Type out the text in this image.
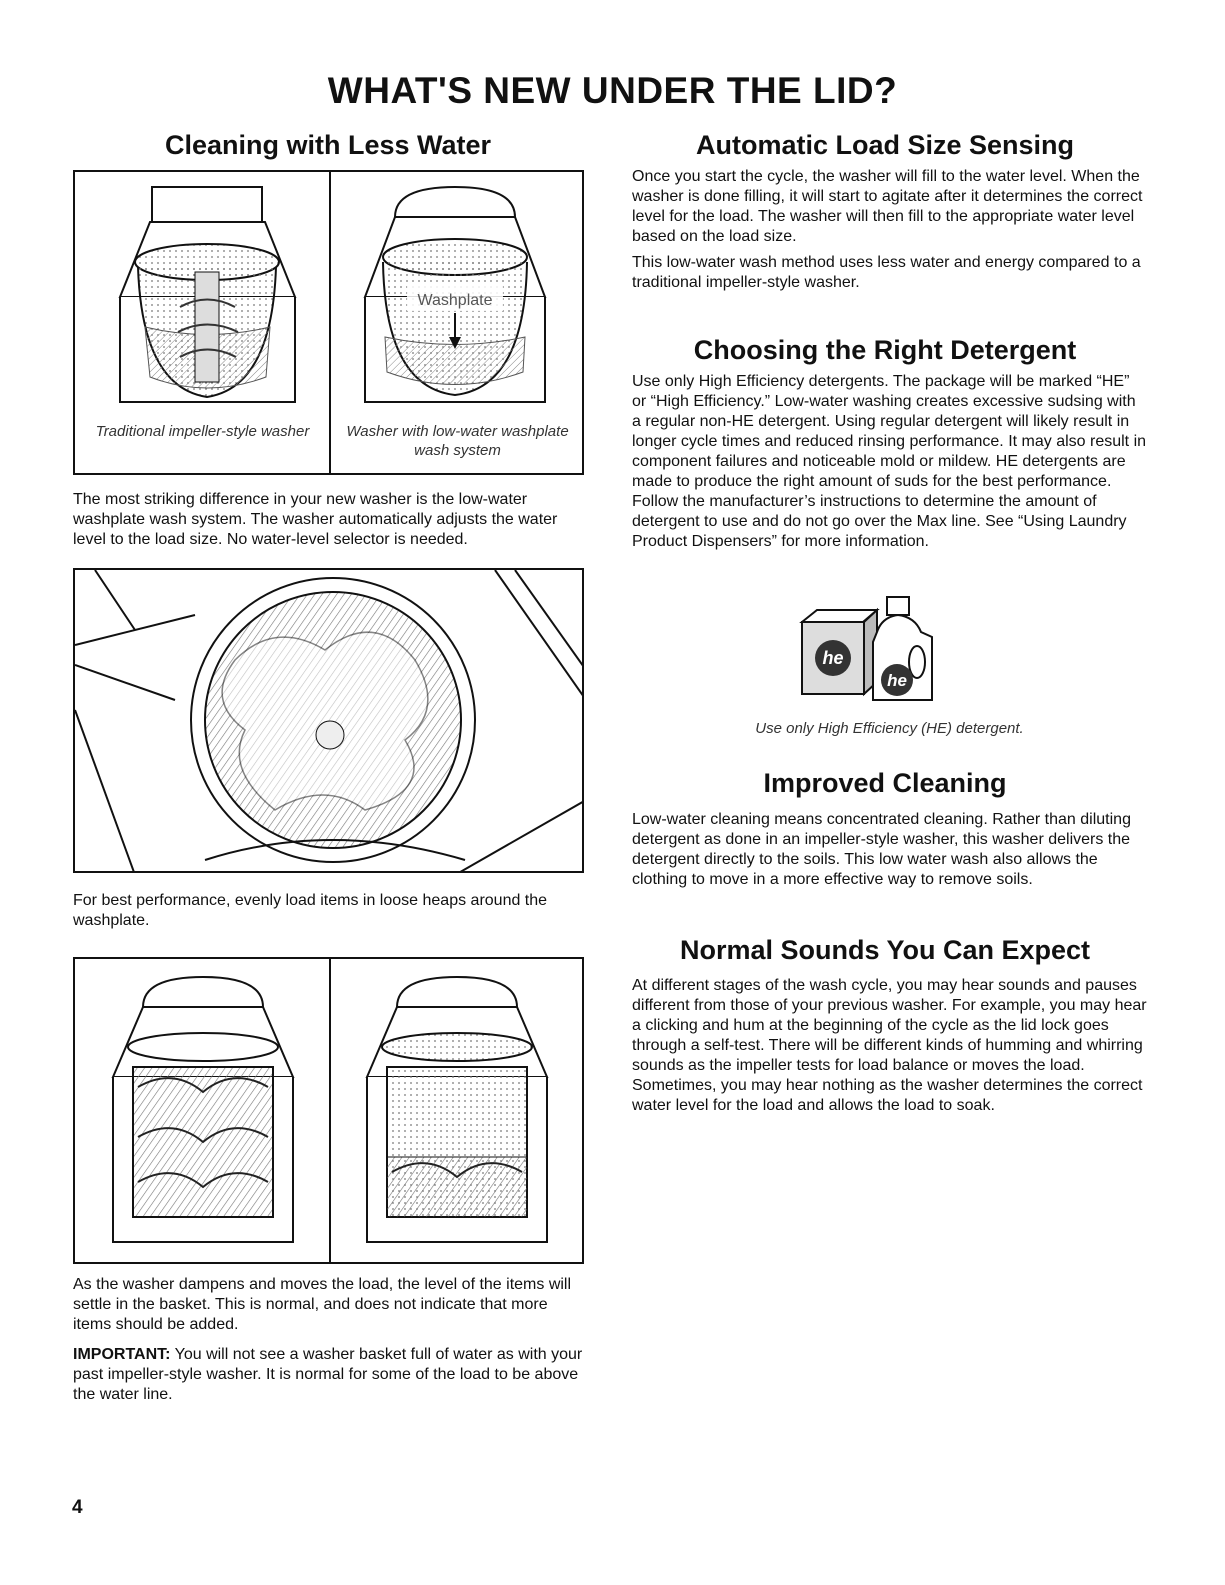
WHAT'S NEW UNDER THE LID?
Cleaning with Less Water
Traditional impeller-style washer
Washplate
Washer with low-water washplate wash system
The most striking difference in your new washer is the low-water washplate wash system. The washer automatically adjusts the water level to the load size. No water-level selector is needed.
For best performance, evenly load items in loose heaps around the washplate.
As the washer dampens and moves the load, the level of the items will settle in the basket. This is normal, and does not indicate that more items should be added.
IMPORTANT: You will not see a washer basket full of water as with your past impeller-style washer. It is normal for some of the load to be above the water line.
Automatic Load Size Sensing
Once you start the cycle, the washer will fill to the water level. When the washer is done filling, it will start to agitate after it determines the correct level for the load. The washer will then fill to the appropriate water level based on the load size.
This low-water wash method uses less water and energy compared to a traditional impeller-style washer.
Choosing the Right Detergent
Use only High Efficiency detergents. The package will be marked “HE” or “High Efficiency.” Low-water washing creates excessive sudsing with a regular non-HE detergent. Using regular detergent will likely result in longer cycle times and reduced rinsing performance. It may also result in component failures and noticeable mold or mildew. HE detergents are made to produce the right amount of suds for the best performance. Follow the manufacturer’s instructions to determine the amount of detergent to use and do not go over the Max line. See “Using Laundry Product Dispensers” for more information.
he
he
Use only High Efficiency (HE) detergent.
Improved Cleaning
Low-water cleaning means concentrated cleaning. Rather than diluting detergent as done in an impeller-style washer, this washer delivers the detergent directly to the soils. This low water wash also allows the clothing to move in a more effective way to remove soils.
Normal Sounds You Can Expect
At different stages of the wash cycle, you may hear sounds and pauses different from those of your previous washer. For example, you may hear a clicking and hum at the beginning of the cycle as the lid lock goes through a self-test. There will be different kinds of humming and whirring sounds as the impeller tests for load balance or moves the load. Sometimes, you may hear nothing as the washer determines the correct water level for the load and allows the load to soak.
4
